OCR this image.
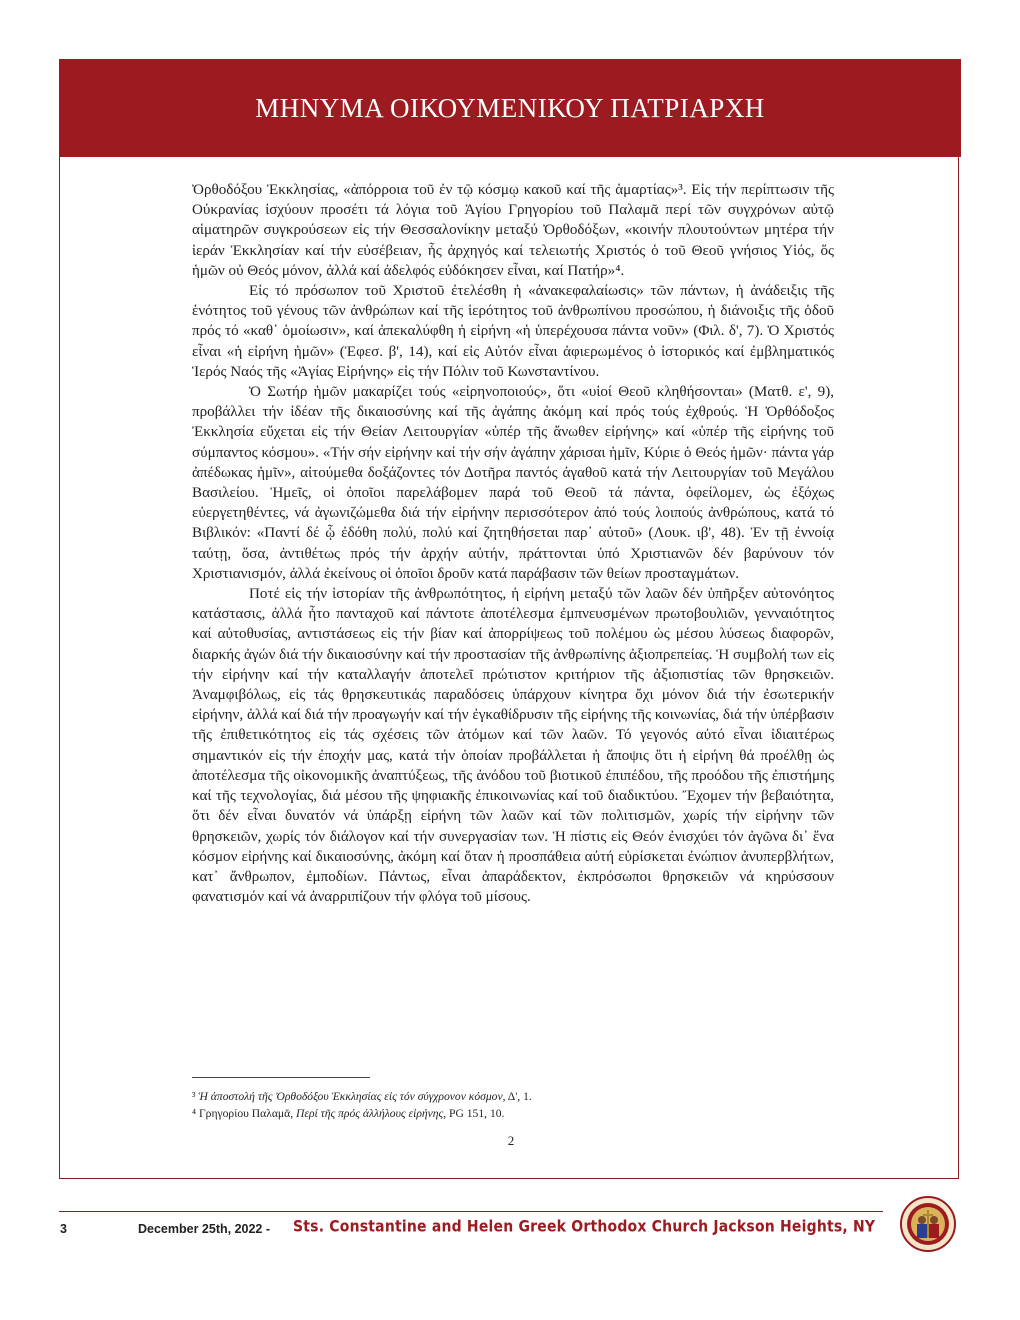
ΜΗΝΥΜΑ ΟΙΚΟΥΜΕΝΙΚΟΥ ΠΑΤΡΙΑΡΧΗ

Ὀρθοδόξου Ἐκκλησίας, «ἀπόρροια τοῦ ἐν τῷ κόσμῳ κακοῦ καί τῆς ἁμαρτίας»³. Εἰς τήν περίπτωσιν τῆς Οὐκρανίας ἰσχύουν προσέτι τά λόγια τοῦ Ἁγίου Γρηγορίου τοῦ Παλαμᾶ περί τῶν συγχρόνων αὐτῷ αἱματηρῶν συγκρούσεων εἰς τήν Θεσσαλονίκην μεταξύ Ὀρθοδόξων, «κοινήν πλουτούντων μητέρα τήν ἱεράν Ἐκκλησίαν καί τήν εὐσέβειαν, ἧς ἀρχηγός καί τελειωτής Χριστός ὁ τοῦ Θεοῦ γνήσιος Υἱός, ὅς ἡμῶν οὐ Θεός μόνον, ἀλλά καί ἀδελφός εὐδόκησεν εἶναι, καί Πατήρ»⁴.

Εἰς τό πρόσωπον τοῦ Χριστοῦ ἐτελέσθη ἡ «ἀνακεφαλαίωσις» τῶν πάντων, ἡ ἀνάδειξις τῆς ἑνότητος τοῦ γένους τῶν ἀνθρώπων καί τῆς ἱερότητος τοῦ ἀνθρωπίνου προσώπου, ἡ διάνοιξις τῆς ὁδοῦ πρός τό «καθ᾿ ὁμοίωσιν», καί ἀπεκαλύφθη ἡ εἰρήνη «ἡ ὑπερέχουσα πάντα νοῦν» (Φιλ. δ', 7). Ὁ Χριστός εἶναι «ἡ εἰρήνη ἡμῶν» (Ἐφεσ. β', 14), καί εἰς Αὐτόν εἶναι ἀφιερωμένος ὁ ἱστορικός καί ἐμβληματικός Ἱερός Ναός τῆς «Ἁγίας Εἰρήνης» εἰς τήν Πόλιν τοῦ Κωνσταντίνου.

Ὁ Σωτήρ ἡμῶν μακαρίζει τούς «εἰρηνοποιούς», ὅτι «υἱοί Θεοῦ κληθήσονται» (Ματθ. ε', 9), προβάλλει τήν ἰδέαν τῆς δικαιοσύνης καί τῆς ἀγάπης ἀκόμη καί πρός τούς ἐχθρούς. Ἡ Ὀρθόδοξος Ἐκκλησία εὔχεται εἰς τήν Θείαν Λειτουργίαν «ὑπέρ τῆς ἄνωθεν εἰρήνης» καί «ὑπέρ τῆς εἰρήνης τοῦ σύμπαντος κόσμου». «Τήν σήν εἰρήνην καί τήν σήν ἀγάπην χάρισαι ἡμῖν, Κύριε ὁ Θεός ἡμῶν· πάντα γάρ ἀπέδωκας ἡμῖν», αἰτούμεθα δοξάζοντες τόν Δοτῆρα παντός ἀγαθοῦ κατά τήν Λειτουργίαν τοῦ Μεγάλου Βασιλείου. Ἡμεῖς, οἱ ὁποῖοι παρελάβομεν παρά τοῦ Θεοῦ τά πάντα, ὀφείλομεν, ὡς ἐξόχως εὐεργετηθέντες, νά ἀγωνιζώμεθα διά τήν εἰρήνην περισσότερον ἀπό τούς λοιπούς ἀνθρώπους, κατά τό Βιβλικόν: «Παντί δέ ᾧ ἐδόθη πολύ, πολύ καί ζητηθήσεται παρ᾿ αὐτοῦ» (Λουκ. ιβ', 48). Ἐν τῇ ἐννοίᾳ ταύτῃ, ὅσα, ἀντιθέτως πρός τήν ἀρχήν αὐτήν, πράττονται ὑπό Χριστιανῶν δέν βαρύνουν τόν Χριστιανισμόν, ἀλλά ἐκείνους οἱ ὁποῖοι δροῦν κατά παράβασιν τῶν θείων προσταγμάτων.

Ποτέ εἰς τήν ἱστορίαν τῆς ἀνθρωπότητος, ἡ εἰρήνη μεταξύ τῶν λαῶν δέν ὑπῆρξεν αὐτονόητος κατάστασις, ἀλλά ἦτο πανταχοῦ καί πάντοτε ἀποτέλεσμα ἐμπνευσμένων πρωτοβουλιῶν, γενναιότητος καί αὐτοθυσίας, αντιστάσεως εἰς τήν βίαν καί ἀπορρίψεως τοῦ πολέμου ὡς μέσου λύσεως διαφορῶν, διαρκής ἀγών διά τήν δικαιοσύνην καί τήν προστασίαν τῆς ἀνθρωπίνης ἀξιοπρεπείας. Ἡ συμβολή των εἰς τήν εἰρήνην καί τήν καταλλαγήν ἀποτελεῖ πρώτιστον κριτήριον τῆς ἀξιοπιστίας τῶν θρησκειῶν. Ἀναμφιβόλως, εἰς τάς θρησκευτικάς παραδόσεις ὑπάρχουν κίνητρα ὄχι μόνον διά τήν ἐσωτερικήν εἰρήνην, ἀλλά καί διά τήν προαγωγήν καί τήν ἐγκαθίδρυσιν τῆς εἰρήνης τῆς κοινωνίας, διά τήν ὑπέρβασιν τῆς ἐπιθετικότητος εἰς τάς σχέσεις τῶν ἀτόμων καί τῶν λαῶν. Τό γεγονός αὐτό εἶναι ἰδιαιτέρως σημαντικόν εἰς τήν ἐποχήν μας, κατά τήν ὁποίαν προβάλλεται ἡ ἄποψις ὅτι ἡ εἰρήνη θά προέλθῃ ὡς ἀποτέλεσμα τῆς οἰκονομικῆς ἀναπτύξεως, τῆς ἀνόδου τοῦ βιοτικοῦ ἐπιπέδου, τῆς προόδου τῆς ἐπιστήμης καί τῆς τεχνολογίας, διά μέσου τῆς ψηφιακῆς ἐπικοινωνίας καί τοῦ διαδικτύου. Ἔχομεν τήν βεβαιότητα, ὅτι δέν εἶναι δυνατόν νά ὑπάρξῃ εἰρήνη τῶν λαῶν καί τῶν πολιτισμῶν, χωρίς τήν εἰρήνην τῶν θρησκειῶν, χωρίς τόν διάλογον καί τήν συνεργασίαν των. Ἡ πίστις εἰς Θεόν ἐνισχύει τόν ἀγῶνα δι᾿ ἕνα κόσμον εἰρήνης καί δικαιοσύνης, ἀκόμη καί ὅταν ἡ προσπάθεια αὐτή εὑρίσκεται ἐνώπιον ἀνυπερβλήτων, κατ᾿ ἄνθρωπον, ἐμποδίων. Πάντως, εἶναι ἀπαράδεκτον, ἐκπρόσωποι θρησκειῶν νά κηρύσσουν φανατισμόν καί νά ἀναρριπίζουν τήν φλόγα τοῦ μίσους.

³ Ἡ ἀποστολή τῆς Ὀρθοδόξου Ἐκκλησίας εἰς τόν σύγχρονον κόσμον, Δ', 1.

⁴ Γρηγορίου Παλαμᾶ, Περί τῆς πρός ἀλλήλους εἰρήνης, PG 151, 10.

2
3	December 25th, 2022 - Sts. Constantine and Helen Greek Orthodox Church Jackson Heights, NY
